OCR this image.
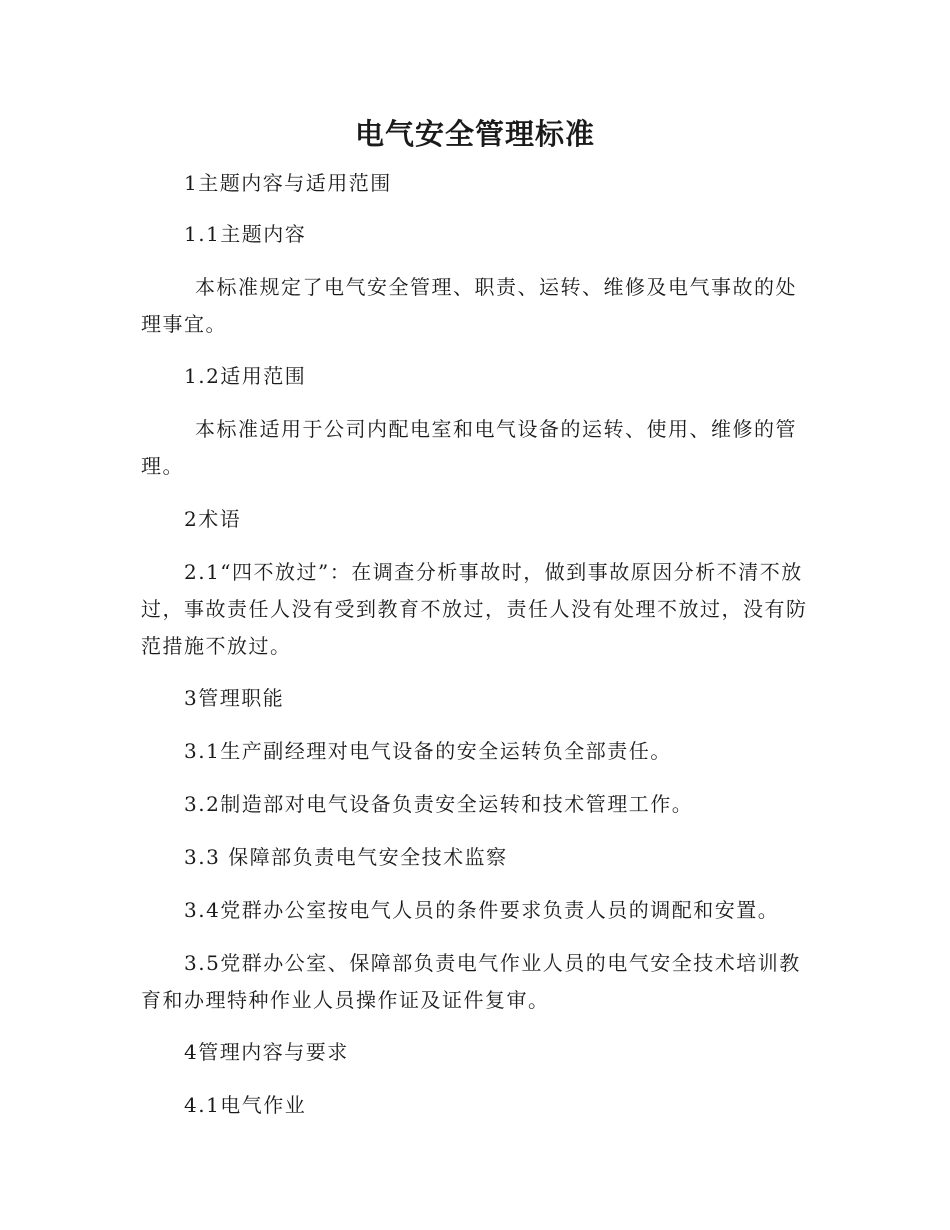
电气安全管理标准
1主题内容与适用范围
1.1主题内容
本标准规定了电气安全管理、职责、运转、维修及电气事故的处理事宜。
1.2适用范围
本标准适用于公司内配电室和电气设备的运转、使用、维修的管理。
2术语
2.1“四不放过”：在调查分析事故时，做到事故原因分析不清不放过，事故责任人没有受到教育不放过，责任人没有处理不放过，没有防范措施不放过。
3管理职能
3.1生产副经理对电气设备的安全运转负全部责任。
3.2制造部对电气设备负责安全运转和技术管理工作。
3.3 保障部负责电气安全技术监察
3.4党群办公室按电气人员的条件要求负责人员的调配和安置。
3.5党群办公室、保障部负责电气作业人员的电气安全技术培训教育和办理特种作业人员操作证及证件复审。
4管理内容与要求
4.1电气作业
